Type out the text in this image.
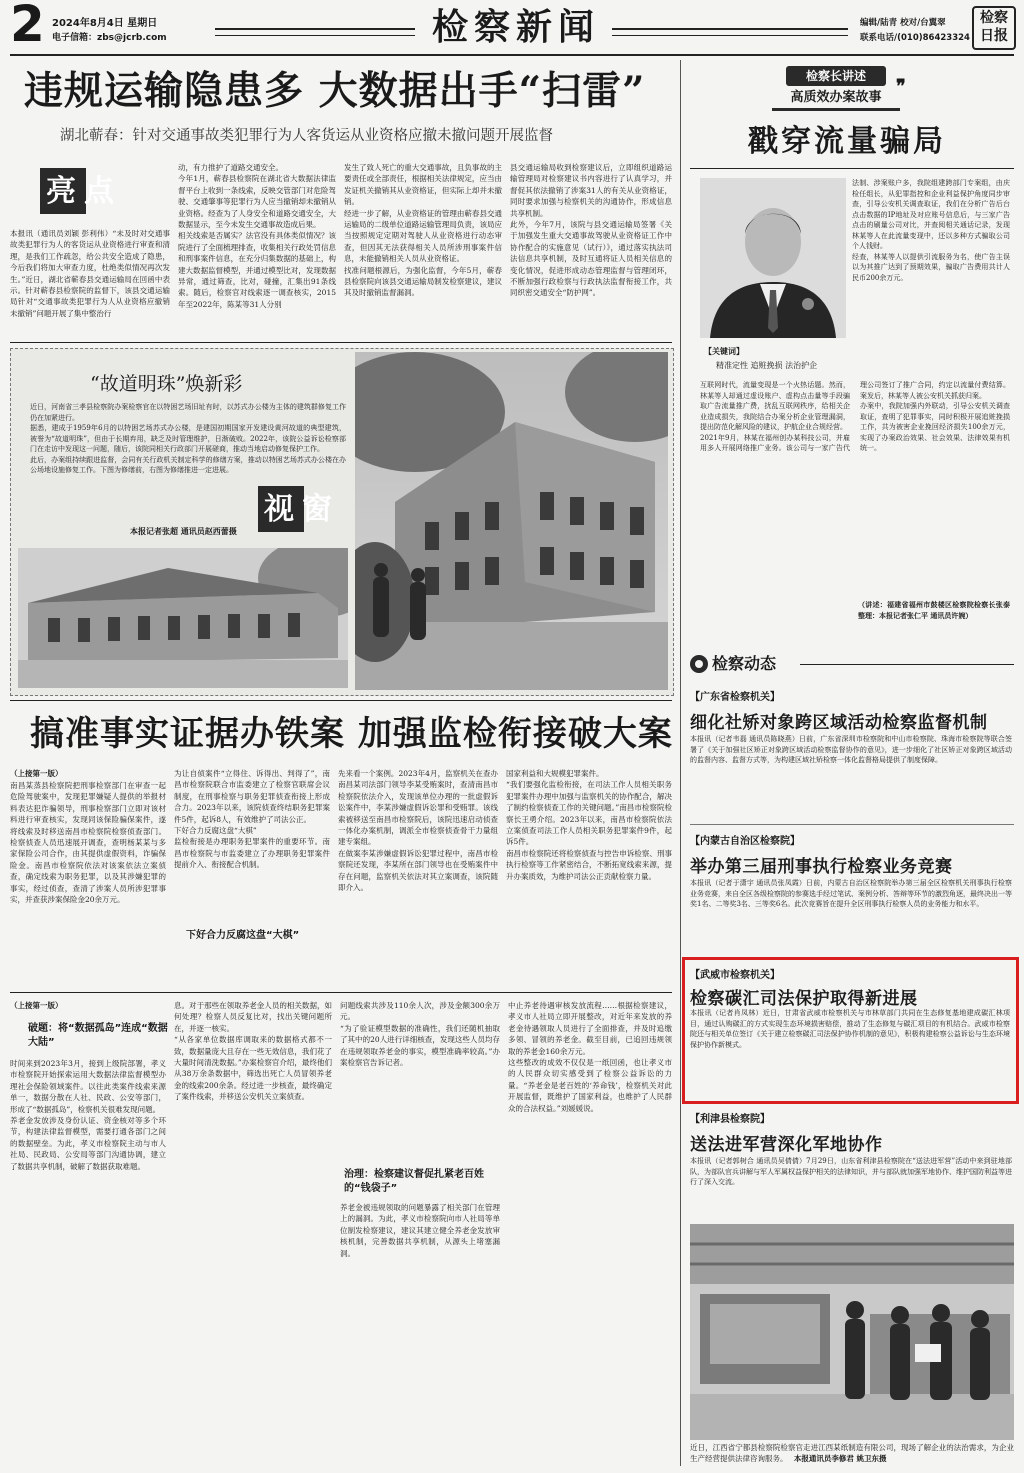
2 2024年8月4日 星期日
电子信箱：zbs@jcrb.com	检察新闻	编辑/陆青 校对/台翼翠
联系电话/(010)86423324
检察日报
违规运输隐患多 大数据出手“扫雷”
湖北蕲春：针对交通事故类犯罪行为人客货运从业资格应撤未撤问题开展监督
亮点
本报讯（通讯员刘颖 彭利伟）“未及时对交通事故类犯罪行为人的客货运从业资格进行审查和清理，是我们工作疏忽，给公共安全造成了隐患，今后我们将加大审查力度，杜绝类似情况再次发生。”近日，湖北省蕲春县交通运输局在回函中表示。针对蕲春县检察院的监督下，该县交通运输局针对“交通事故类犯罪行为人从业资格应撤销未撤销”问题开展了集中整治行
动，有力推护了道路交通安全。
今年1月，蕲春县检察院在湖北省大数据法律监督平台上收到一条线索，反映交管部门对危险驾驶、交通肇事等犯罪行为人应当撤销却未撤销从业资格。经查为了人身安全和道路交通安全，大数据显示，至今未发生交通事故造成后果。
相关线索是否属实？法官没有具体类似情况？该院进行了全面梳理排查，收集相关行政处罚信息和刑事案件信息，在充分归集数据的基础上，构建大数据监督模型，并通过模型比对，发现数据异常，通过筛查，比对，碰撞，汇集出91条线索。随后，检察官对线索逐一调查核实，2015年至2022年，陈某等31人分别
发生了致人死亡的重大交通事故，且负事故的主要责任或全部责任，根据相关法律规定，应当由发证机关撤销其从业资格证，但实际上却并未撤销。
经进一步了解，从业资格证的管理由蕲春县交通运输局的二级单位道路运输管理局负责，该局应当按照规定定期对驾驶人从业资格进行动态审查，但因其无法获得相关人员所涉刑事案件信息，未能撤销相关人员从业资格证。
找准问题根源后，为强化监督，今年5月，蕲春县检察院向该县交通运输局制发检察建议，建议其及时撤销监督漏洞。
县交通运输局收到检察建议后，立即组织道路运输管理局对检察建议书内容进行了认真学习，并督促其依法撤销了涉案31人的有关从业资格证，同时要求加强与检察机关的沟通协作，形成信息共享机制。
此外，今年7月，该院与县交通运输局签署《关于加强发生重大交通事故驾驶从业资格证工作中协作配合的实施意见（试行）》，通过落实执法司法信息共享机制，及时互通将证人员相关信息的变化情况，促进形成动态管理监督与管理闭环，不断加强行政检察与行政执法监督衔接工作，共同织密交通安全“防护网”。
“故道明珠”焕新彩
近日，河南省三孝县检察院办案检察官在以特困艺场旧址有时，以苏式办公楼为主体的建筑群修复工作仍在加紧进行。
据悉，建成于1959年6月的以特困艺场苏式办公楼，是建国初期国家开发建设黄河故道的典型建筑，被誉为“故道明珠”，但由于长期弃用，缺乏及时管理维护，日渐破败。2022年，该院公益诉讼检察部门在走访中发现这一问题，随后，该院同相关行政部门开展磋商，推动当地启动修复保护工作。
此后，办案组持续跟进监督，会同有关行政机关制定科学的修缮方案，推动以特困艺场苏式办公楼在办公场地设施修复工作。下图为修缮前，右图为修缮推进一定进展。
本报记者张超 通讯员赵西蕾摄
视窗
搞准事实证据办铁案 加强监检衔接破大案
（上接第一版）
南昌某蒸县检察院把刑事检察部门在审查一起危险驾驶案中，发现犯罪嫌疑人提供的举报材料表达犯诈骗领导，刑事检察部门立即对该材料进行审查核实，发现同该保险骗保案件，遂将线索及时移送南昌市检察院检察侦查部门。检察侦查人员迅速展开调查，查明杨某某与多家保险公司合作，由其提供虚假资料，诈骗保险金。南昌市检察院依法对该案依法立案侦查，确定线索为职务犯罪，以及其涉嫌犯罪的事实，经过侦查，查清了涉案人员所涉犯罪事实，并查获涉案保险金20余万元。
为让自侦案件“立得住、诉得出、判得了”，南昌市检察院联合市监委建立了检察官联席会议制度，在刑事检察与职务犯罪侦查衔接上形成合力。2023年以来，该院侦查终结职务犯罪案件5件，起诉8人，有效维护了司法公正。
下好合力反腐这盘“大棋”
监检衔接是办理职务犯罪案件的重要环节。南昌市检察院与市监委建立了办理职务犯罪案件提前介入、衔接配合机制。
下好合力反腐这盘“大棋”
先来看一个案例。2023年4月，监察机关在查办南昌某司法部门领导李某受贿案时，查清南昌市检察院依法介入，发现该单位办理的一批虚假诉讼案件中，李某涉嫌虚假诉讼罪和受贿罪。该线索被移送至南昌市检察院后，该院迅速启动侦查一体化办案机制，调派全市检察侦查骨干力量组建专案组。
在做案李某涉嫌虚假诉讼犯罪过程中，南昌市检察院还发现，李某所在部门领导也在受贿案件中存在问题，监察机关依法对其立案调查，该院随即介入。
国家利益和大规模犯罪案件。
“我们要强化监检衔接，在司法工作人员相关职务犯罪案件办理中加强与监察机关的协作配合，解决了制约检察侦查工作的关键问题。”南昌市检察院检察长王勇介绍。2023年以来，南昌市检察院依法立案侦查司法工作人员相关职务犯罪案件9件，起诉5件。
南昌市检察院还将检察侦查与控告申诉检察、刑事执行检察等工作紧密结合，不断拓宽线索来源，提升办案质效，为维护司法公正贡献检察力量。
（上接第一版）
破题：将“数据孤岛”连成“数据大陆”
时间来到2023年3月，接到上级院部署，孝义市检察院开始探索运用大数据法律监督模型办理社会保险领域案件。以往此类案件线索来源单一，数据分散在人社、民政、公安等部门，形成了“数据孤岛”，检察机关很难发现问题。
养老金发放涉及身份认证、资金核对等多个环节，构建法律监督模型，需要打通各部门之间的数据壁垒。为此，孝义市检察院主动与市人社局、民政局、公安局等部门沟通协调，建立了数据共享机制，破解了数据获取难题。
息。对于那些在领取养老金人员的相关数据，如何处理？检察人员反复比对，找出关键问题所在，并逐一核实。
“从各家单位数据库调取来的数据格式都不一致，数据量庞大且存在一些无效信息，我们花了大量时间清洗数据。”办案检察官介绍，最终他们从38万余条数据中，筛选出死亡人员冒领养老金的线索200余条。经过进一步核查，最终确定了案件线索，并移送公安机关立案侦查。
问题线索共涉及110余人次，涉及金额300余万元。
“为了验证模型数据的准确性，我们还随机抽取了其中的20人进行详细核查，发现这些人员均存在违规领取养老金的事实，模型准确率较高。”办案检察官告诉记者。
治理：检察建议督促扎紧老百姓的“钱袋子”
养老金被违规领取的问题暴露了相关部门在管理上的漏洞。为此，孝义市检察院向市人社局等单位制发检察建议，建议其建立健全养老金发放审核机制，完善数据共享机制，从源头上堵塞漏洞。
中止养老待遇审核发放流程……根据检察建议，孝义市人社局立即开展整改，对近年来发放的养老金待遇领取人员进行了全面排查，并及时追缴多领、冒领的养老金。截至目前，已追回违规领取的养老金160余万元。
这些整改的成效不仅仅是一纸回函，也让孝义市的人民群众切实感受到了检察公益诉讼的力量。“养老金是老百姓的‘养命钱’，检察机关对此开展监督，既维护了国家利益，也维护了人民群众的合法权益。”刘媛媛说。
检察长讲述
高质效办案故事
❞
戳穿流量骗局
法制、涉案账户多，我院组建跨部门专案组，由庆检任组长，从犯罪指控和企业利益保护角度同步审查，引导公安机关调查取证，我们在分析广告后台点击数据的IP地址及对应账号信息后，与三家广告点击的刷量公司对比，并查阅相关通话记录，发现林某等人在此流量变现中，还以多种方式骗取公司个人钱财。
经查，林某等人以提供引流服务为名，使广告主误以为其推广达到了预期效果，骗取广告费用共计人民币200余万元。
【关键词】
精准定性 追赃挽损 法治护企
互联网时代，流量变现是一个火热话题。然而，林某等人却通过虚设账户、虚构点击量等手段骗取广告流量推广费，扰乱互联网秩序，给相关企业造成损失，我院结合办案分析企业管理漏洞，提出防范化解风险的建议，护航企业合规经营。
2021年9月，林某在福州创办某科技公司，并雇用多人开展网络推广业务。该公司与一家广告代理公司签订了推广合同，约定以流量付费结算。案发后，林某等人被公安机关抓获归案。
办案中，我院加强内外联动，引导公安机关调查取证，查明了犯罪事实，同时积极开展追赃挽损工作，共为被害企业挽回经济损失100余万元，实现了办案政治效果、社会效果、法律效果有机统一。
（讲述：福建省福州市鼓楼区检察院检察长张泰 整理：本报记者张仁平 通讯员许婉）
检察动态
【广东省检察机关】
细化社矫对象跨区域活动检察监督机制
本报讯（记者韦磊 通讯员陈晓燕）日前，广东省深圳市检察院和中山市检察院、珠海市检察院等联合签署了《关于加强社区矫正对象跨区域活动检察监督协作的意见》，进一步细化了社区矫正对象跨区域活动的监督内容、监督方式等，为构建区域社矫检察一体化监督格局提供了制度保障。
【内蒙古自治区检察院】
举办第三届刑事执行检察业务竞赛
本报讯（记者于潇宇 通讯员张凤霞）日前，内蒙古自治区检察院举办第三届全区检察机关刑事执行检察业务竞赛，来自全区各级检察院的参赛选手经过笔试、案例分析、答辩等环节的激烈角逐，最终决出一等奖1名、二等奖3名、三等奖6名。此次竞赛旨在提升全区刑事执行检察人员的业务能力和水平。
【武威市检察机关】
检察碳汇司法保护取得新进展
本报讯（记者肖凤林）近日，甘肃省武威市检察机关与市林草部门共同在生态修复基地建成碳汇林项目，通过认购碳汇的方式实现生态环境损害赔偿，推动了生态修复与碳汇项目的有机结合。武威市检察院还与相关单位签订《关于建立检察碳汇司法保护协作机制的意见》，积极构建检察公益诉讼与生态环境保护协作新模式。
【利津县检察院】
送法进军营深化军地协作
本报讯（记者郭树合 通讯员吴倩倩）7月29日，山东省利津县检察院在“送法进军营”活动中来到驻地部队，为部队官兵讲解与军人军属权益保护相关的法律知识，并与部队就加强军地协作、维护国防利益等进行了深入交流。
近日，江西省宁都县检察院检察官走进江西某纸制造有限公司，现场了解企业的法治需求，为企业生产经营提供法律咨询服务。 本报通讯员李修君 姚卫东摄
